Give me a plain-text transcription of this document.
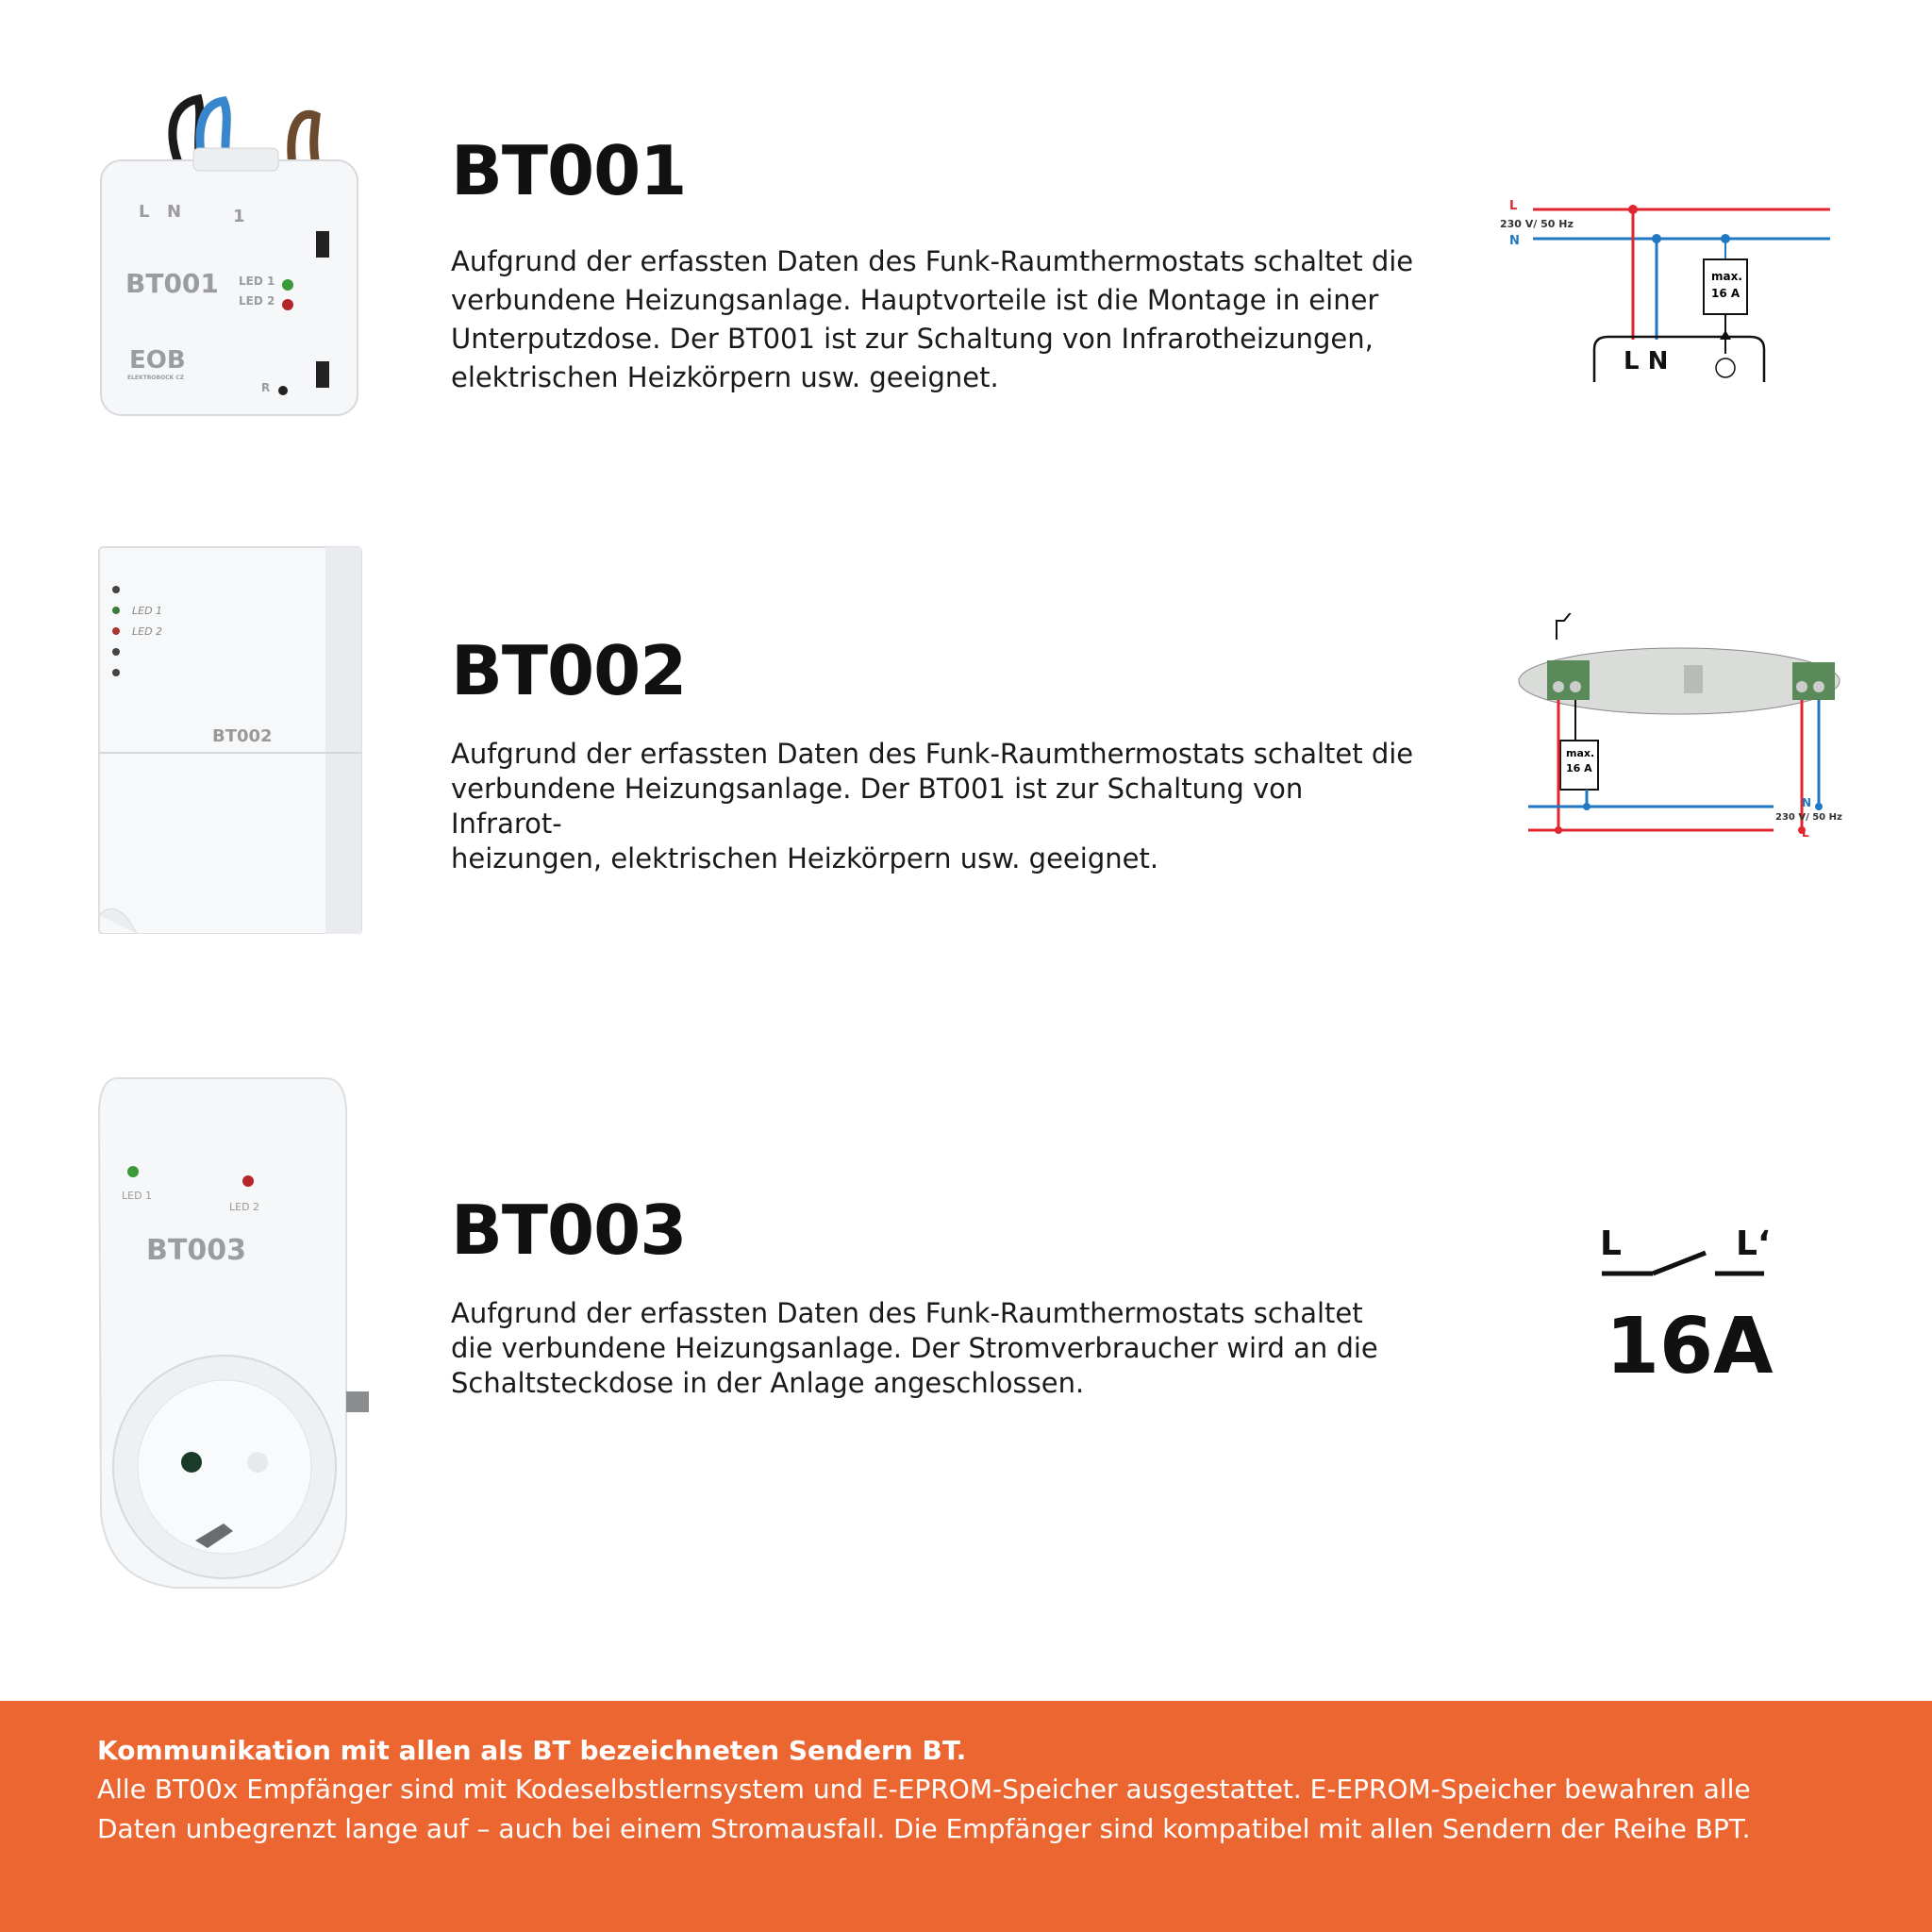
L N	1
BT001 LED 1
LED 2
EOB
ELEKTROBOCK CZ
R
BT001

Aufgrund der erfassten Daten des Funk-Raumthermostats schaltet die verbundene Heizungsanlage. Hauptvorteile ist die Montage in einer Unterputzdose. Der BT001 ist zur Schaltung von Infrarotheizungen, elektrischen Heizkörpern usw. geeignet.

L
230 V/ 50 Hz
N
max.
16 A
L N
LED 1
LED 2
BT002
BT002

Aufgrund der erfassten Daten des Funk-Raumthermostats schaltet die
verbundene Heizungsanlage. Der BT001 ist zur Schaltung von Infrarot-
heizungen, elektrischen Heizkörpern usw. geeignet.

max.
16 A
N
230 V/ 50 Hz
L
LED 1
LED 2
BT003	BT003

Aufgrund der erfassten Daten des Funk-Raumthermostats schaltet
die verbundene Heizungsanlage. Der Stromverbraucher wird an die
Schaltsteckdose in der Anlage angeschlossen.

L	L‘
16A
Kommunikation mit allen als BT bezeichneten Sendern BT.
Alle BT00x Empfänger sind mit Kodeselbstlernsystem und E-EPROM-Speicher ausgestattet. E-EPROM-Speicher bewahren alle
Daten unbegrenzt lange auf – auch bei einem Stromausfall. Die Empfänger sind kompatibel mit allen Sendern der Reihe BPT.
